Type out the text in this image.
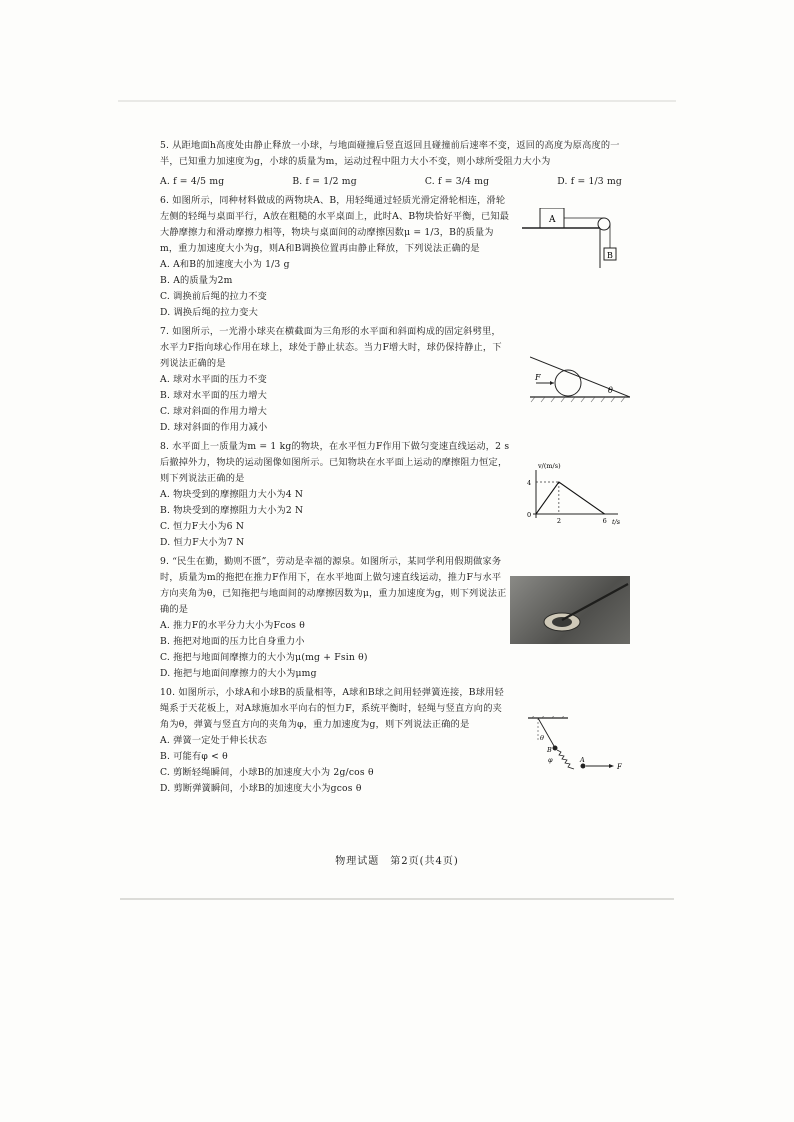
5. 从距地面h高度处由静止释放一小球，与地面碰撞后竖直返回且碰撞前后速率不变，返回的高度为原高度的一半，已知重力加速度为g，小球的质量为m，运动过程中阻力大小不变，则小球所受阻力大小为
A. f = 4/5 mg	B. f = 1/2 mg	C. f = 3/4 mg	D. f = 1/3 mg
6. 如图所示，同种材料做成的两物块A、B，用轻绳通过轻质光滑定滑轮相连，滑轮左侧的轻绳与桌面平行，A放在粗糙的水平桌面上，此时A、B物块恰好平衡，已知最大静摩擦力和滑动摩擦力相等，物块与桌面间的动摩擦因数μ = 1/3，B的质量为m，重力加速度大小为g，则A和B调换位置再由静止释放，下列说法正确的是
A. A和B的加速度大小为 1/3 g
B. A的质量为2m
C. 调换前后绳的拉力不变
D. 调换后绳的拉力变大
7. 如图所示，一光滑小球夹在横截面为三角形的水平面和斜面构成的固定斜劈里，水平力F指向球心作用在球上，球处于静止状态。当力F增大时，球仍保持静止，下列说法正确的是
A. 球对水平面的压力不变
B. 球对水平面的压力增大
C. 球对斜面的作用力增大
D. 球对斜面的作用力减小
8. 水平面上一质量为m = 1 kg的物块，在水平恒力F作用下做匀变速直线运动，2 s后撤掉外力，物块的运动图像如图所示。已知物块在水平面上运动的摩擦阻力恒定，则下列说法正确的是
A. 物块受到的摩擦阻力大小为4 N
B. 物块受到的摩擦阻力大小为2 N
C. 恒力F大小为6 N
D. 恒力F大小为7 N
9. “民生在勤，勤则不匮”，劳动是幸福的源泉。如图所示，某同学利用假期做家务时，质量为m的拖把在推力F作用下，在水平地面上做匀速直线运动，推力F与水平方向夹角为θ，已知拖把与地面间的动摩擦因数为μ，重力加速度为g，则下列说法正确的是
A. 推力F的水平分力大小为Fcos θ
B. 拖把对地面的压力比自身重力小
C. 拖把与地面间摩擦力的大小为μ(mg + Fsin θ)
D. 拖把与地面间摩擦力的大小为μmg
10. 如图所示，小球A和小球B的质量相等，A球和B球之间用轻弹簧连接，B球用轻绳系于天花板上，对A球施加水平向右的恒力F，系统平衡时，轻绳与竖直方向的夹角为θ，弹簧与竖直方向的夹角为φ，重力加速度为g，则下列说法正确的是
A. 弹簧一定处于伸长状态
B. 可能有φ < θ
C. 剪断轻绳瞬间，小球B的加速度大小为 2g/cos θ
D. 剪断弹簧瞬间，小球B的加速度大小为gcos θ
A
B
F
θ
v/(m/s)
t/s
0
4
2	6
θ
B
φ	A
F
物理试题　第2页(共4页)
